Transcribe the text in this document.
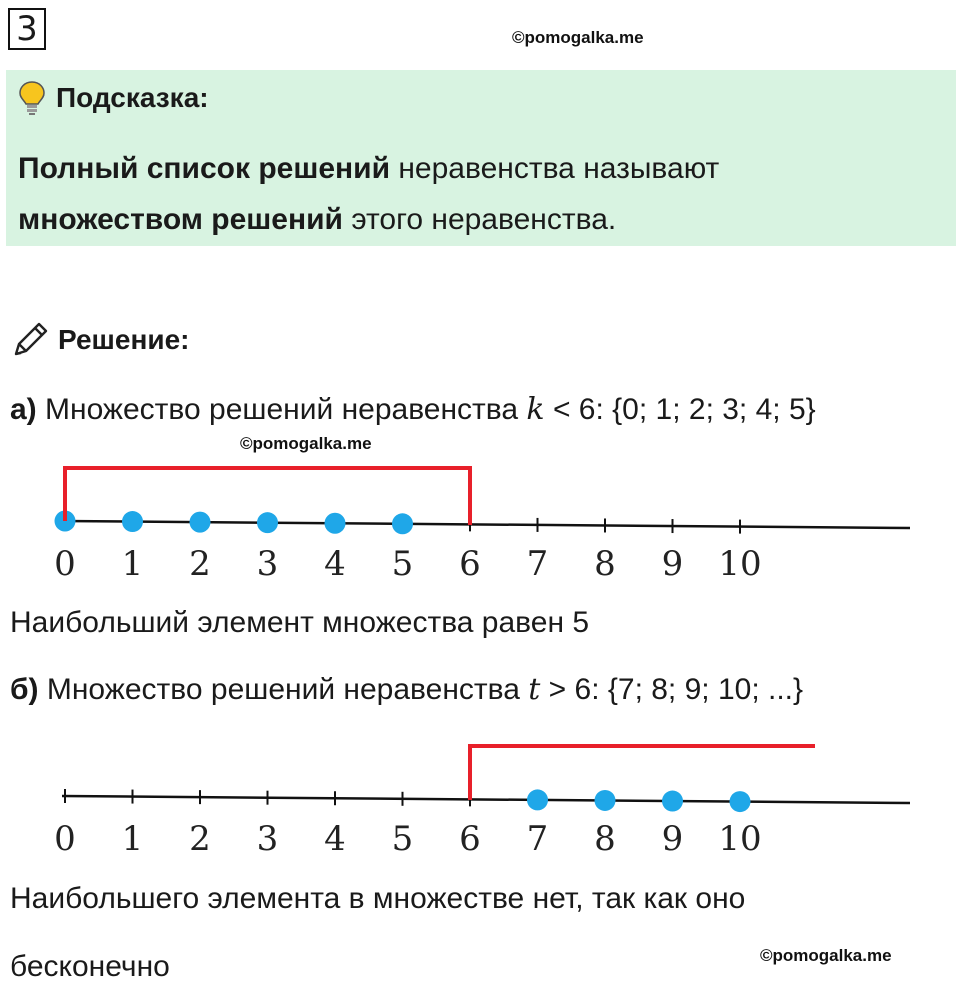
3	©pomogalka.me
Подсказка:
Полный список решений неравенства называют
множеством решений этого неравенства.
Решение:
а) Множество решений неравенства k < 6: {0; 1; 2; 3; 4; 5}
©pomogalka.me
0 1 2 3 4 5 6 7 8 9 10
Наибольший элемент множества равен 5
б) Множество решений неравенства t > 6: {7; 8; 9; 10; ...}
0 1 2 3 4 5 6 7 8 9 10
Наибольшего элемента в множестве нет, так как оно
бесконечно	©pomogalka.me
